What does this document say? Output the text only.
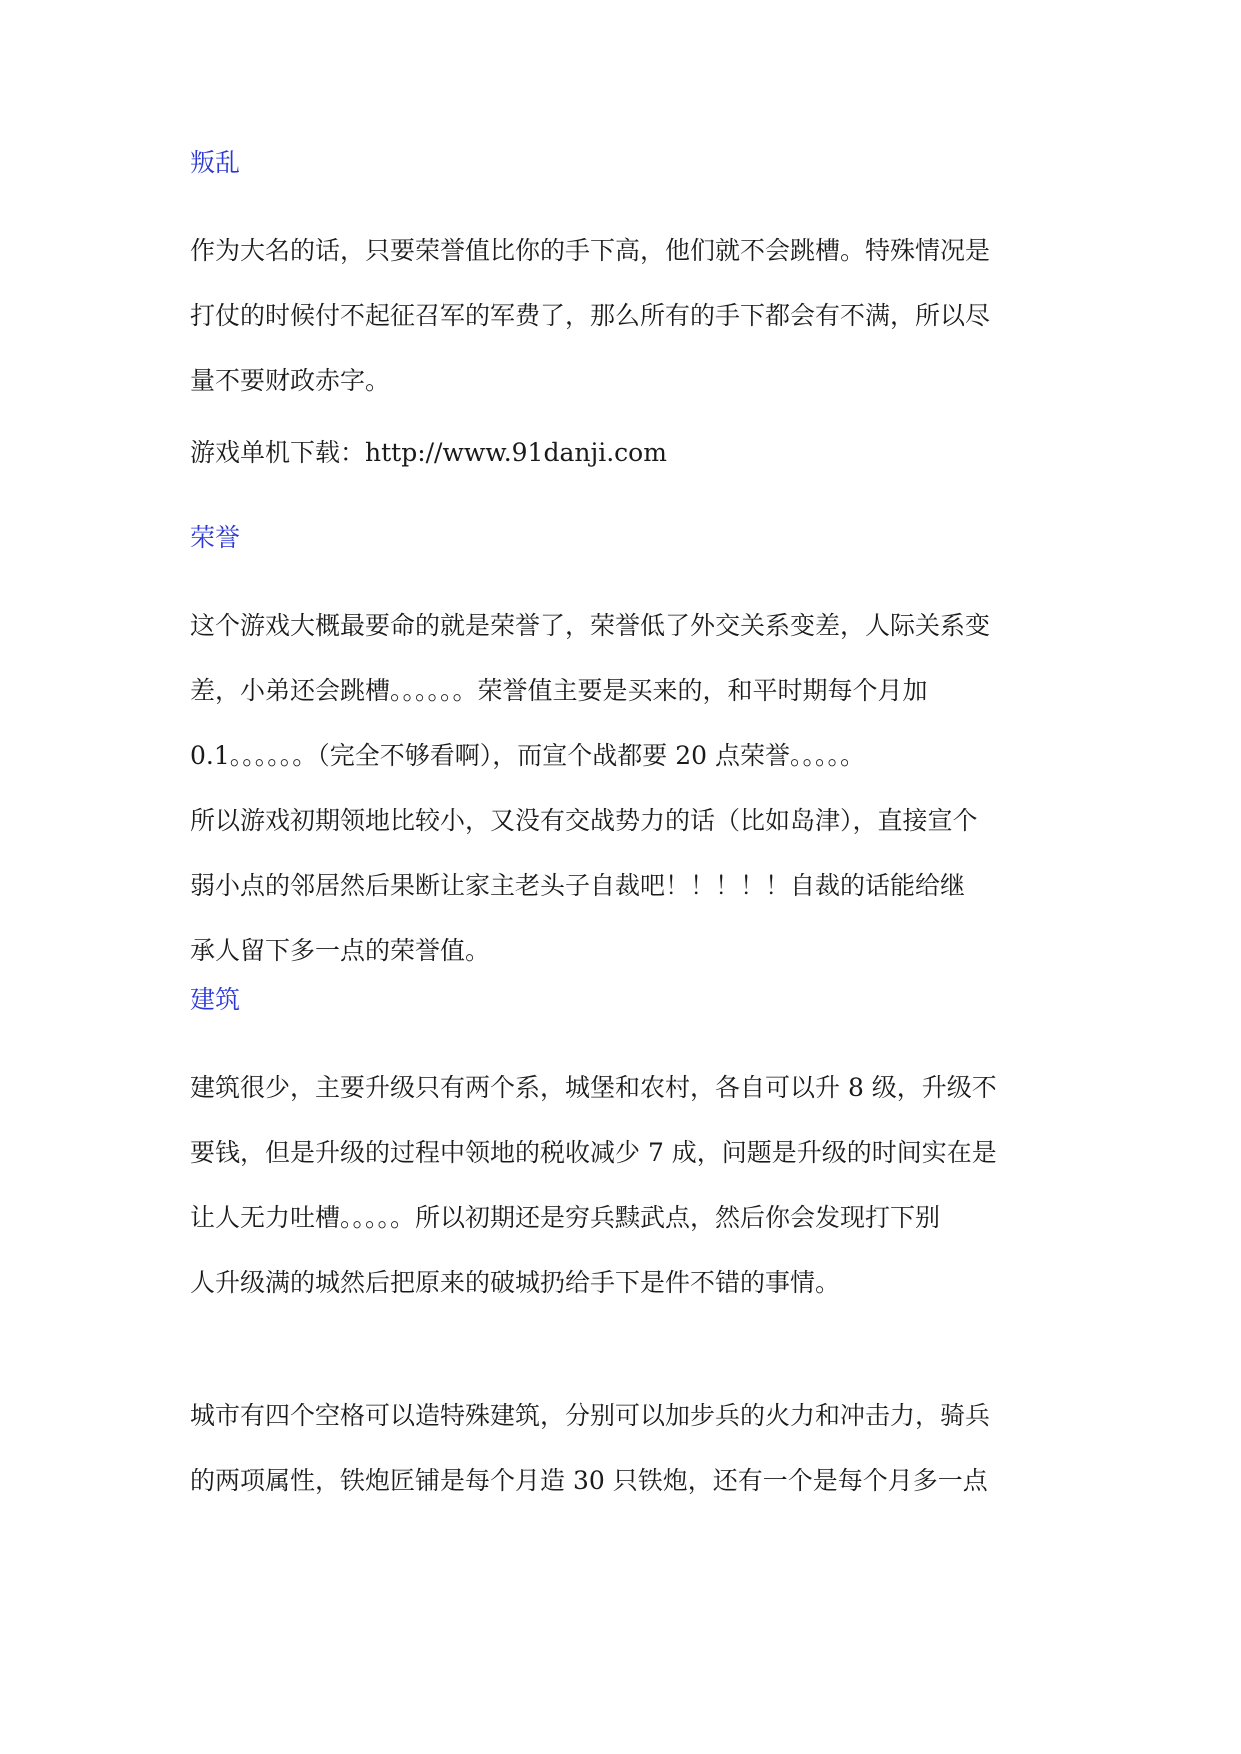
叛乱
作为大名的话，只要荣誉值比你的手下高，他们就不会跳槽。特殊情况是
打仗的时候付不起征召军的军费了，那么所有的手下都会有不满，所以尽
量不要财政赤字。
游戏单机下载：http://www.91danji.com
荣誉
这个游戏大概最要命的就是荣誉了，荣誉低了外交关系变差，人际关系变
差，小弟还会跳槽。。。。。。荣誉值主要是买来的，和平时期每个月加
0.1。。。。。。（完全不够看啊），而宣个战都要 20 点荣誉。。。。。
所以游戏初期领地比较小，又没有交战势力的话（比如岛津），直接宣个
弱小点的邻居然后果断让家主老头子自裁吧！！！！！自裁的话能给继
承人留下多一点的荣誉值。
建筑
建筑很少，主要升级只有两个系，城堡和农村，各自可以升 8 级，升级不
要钱，但是升级的过程中领地的税收减少 7 成，问题是升级的时间实在是
让人无力吐槽。。。。。所以初期还是穷兵黩武点，然后你会发现打下别
人升级满的城然后把原来的破城扔给手下是件不错的事情。
城市有四个空格可以造特殊建筑，分别可以加步兵的火力和冲击力，骑兵
的两项属性，铁炮匠铺是每个月造 30 只铁炮，还有一个是每个月多一点
